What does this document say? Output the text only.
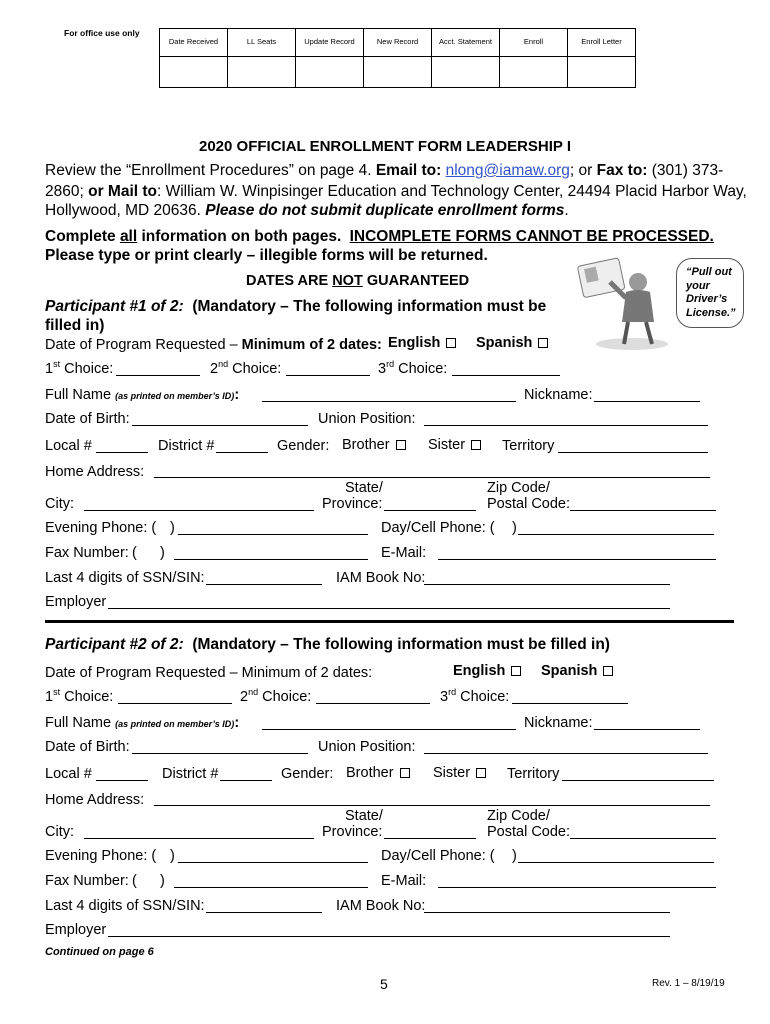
For office use only
Date Received	LL Seats	Update Record	New Record	Acct. Statement	Enroll	Enroll Letter

2020 OFFICIAL ENROLLMENT FORM LEADERSHIP I
Review the “Enrollment Procedures” on page 4. Email to: nlong@iamaw.org; or Fax to: (301) 373-
2860; or Mail to: William W. Winpisinger Education and Technology Center, 24494 Placid Harbor Way,
Hollywood, MD 20636. Please do not submit duplicate enrollment forms.
Complete all information on both pages. INCOMPLETE FORMS CANNOT BE PROCESSED.
Please type or print clearly – illegible forms will be returned.
DATES ARE NOT GUARANTEED
“Pull out your Driver’s License.”
Participant #1 of 2: (Mandatory – The following information must be
filled in)
Date of Program Requested – Minimum of 2 dates: English	Spanish
1st Choice:	2nd Choice:	3rd Choice:
Full Name (as printed on member’s ID):	Nickname:
Date of Birth:	Union Position:
Local #	District #	Gender: Brother	Sister	Territory
Home Address:
State/	Zip Code/
City:	Province:	Postal Code:
Evening Phone: ( )	Day/Cell Phone: ( )
Fax Number: ( )	E-Mail:
Last 4 digits of SSN/SIN:	IAM Book No:
Employer
Participant #2 of 2: (Mandatory – The following information must be filled in)
Date of Program Requested – Minimum of 2 dates:	English	Spanish
1st Choice:	2nd Choice:	3rd Choice:
Full Name (as printed on member’s ID):	Nickname:
Date of Birth:	Union Position:
Local #	District #	Gender: Brother	Sister	Territory
Home Address:
State/	Zip Code/
City:	Province:	Postal Code:
Evening Phone: ( )	Day/Cell Phone: ( )
Fax Number: ( )	E-Mail:
Last 4 digits of SSN/SIN:	IAM Book No:
Employer
Continued on page 6
5	Rev. 1 – 8/19/19
